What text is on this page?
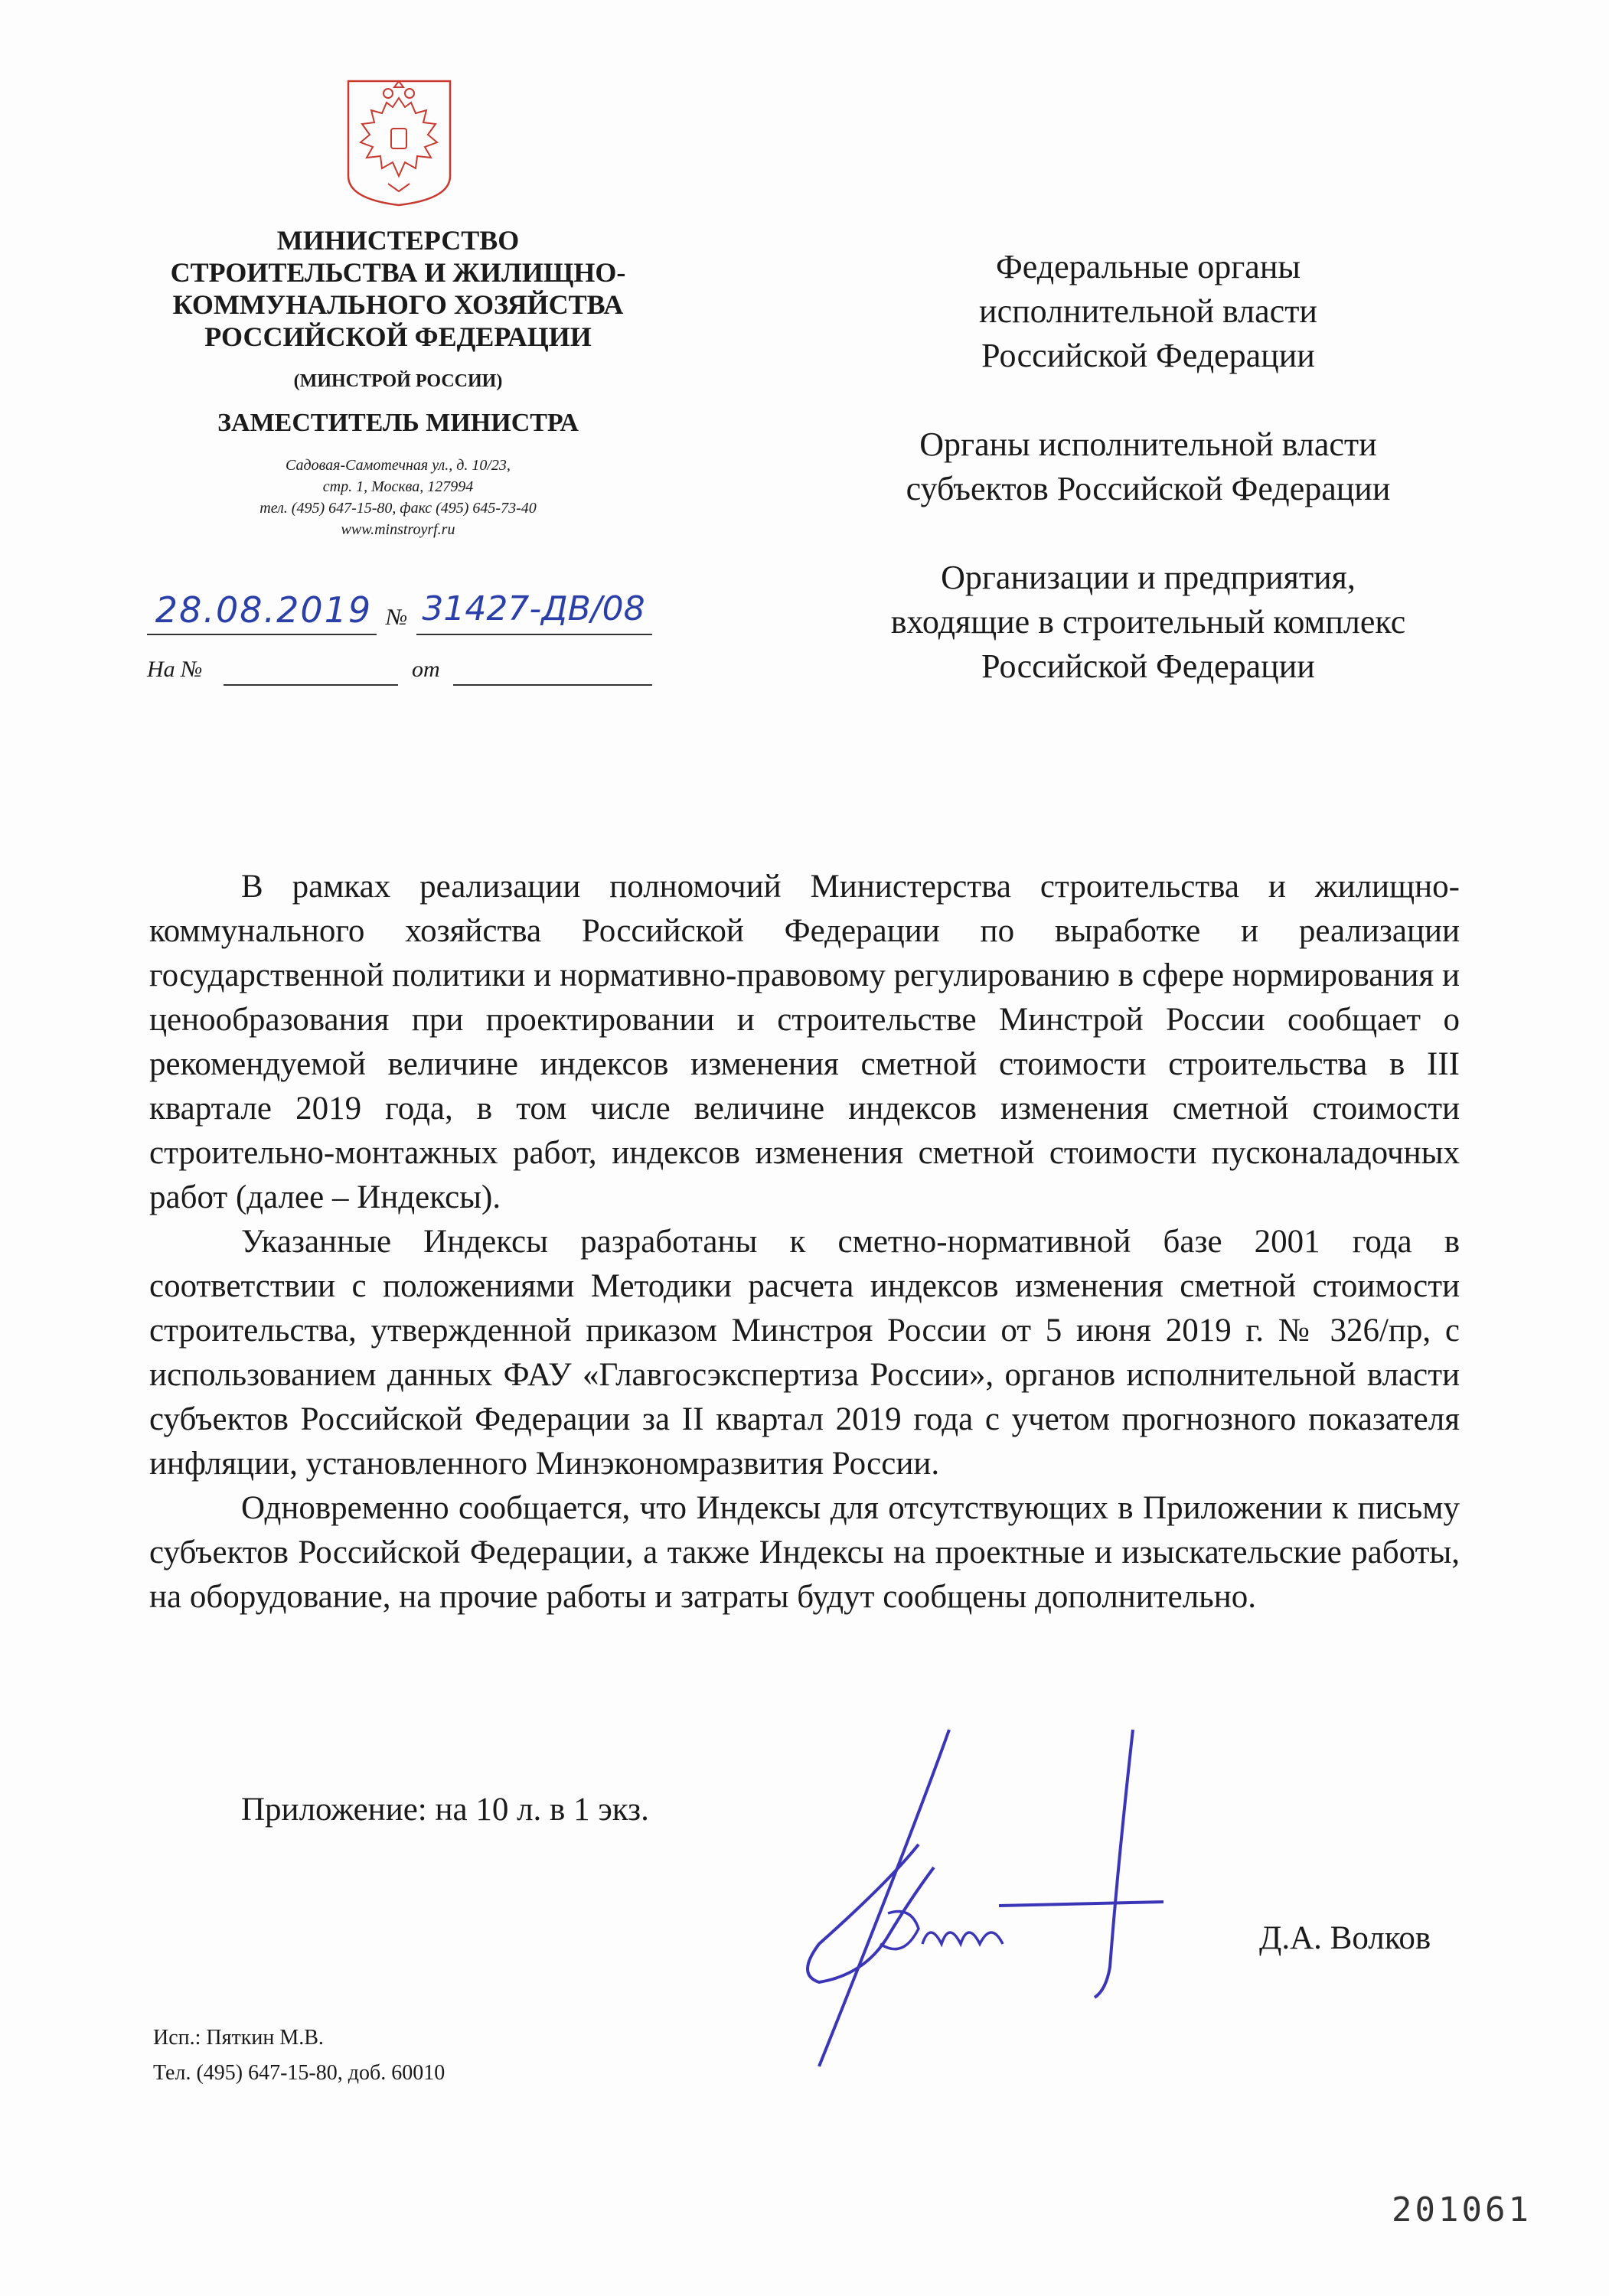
МИНИСТЕРСТВО

СТРОИТЕЛЬСТВА И ЖИЛИЩНО-

КОММУНАЛЬНОГО ХОЗЯЙСТВА

РОССИЙСКОЙ ФЕДЕРАЦИИ

(МИНСТРОЙ РОССИИ)
ЗАМЕСТИТЕЛЬ МИНИСТРА
Садовая-Самотечная ул., д. 10/23,
стр. 1, Москва, 127994
тел. (495) 647-15-80, факс (495) 645-73-40
www.minstroyrf.ru
28.08.2019 № 31427-ДВ/08
На №	от
Федеральные органы
исполнительной власти
Российской Федерации
Органы исполнительной власти
субъектов Российской Федерации
Организации и предприятия,
входящие в строительный комплекс
Российской Федерации

В рамках реализации полномочий Министерства строительства и жилищно-коммунального хозяйства Российской Федерации по выработке и реализации государственной политики и нормативно-правовому регулированию в сфере нормирования и ценообразования при проектировании и строительстве Минстрой России сообщает о рекомендуемой величине индексов изменения сметной стоимости строительства в III квартале 2019 года, в том числе величине индексов изменения сметной стоимости строительно-монтажных работ, индексов изменения сметной стоимости пусконаладочных работ (далее – Индексы).

Указанные Индексы разработаны к сметно-нормативной базе 2001 года в соответствии с положениями Методики расчета индексов изменения сметной стоимости строительства, утвержденной приказом Минстроя России от 5 июня 2019 г. № 326/пр, с использованием данных ФАУ «Главгосэкспертиза России», органов исполнительной власти субъектов Российской Федерации за II квартал 2019 года с учетом прогнозного показателя инфляции, установленного Минэкономразвития России.

Одновременно сообщается, что Индексы для отсутствующих в Приложении к письму субъектов Российской Федерации, а также Индексы на проектные и изыскательские работы, на оборудование, на прочие работы и затраты будут сообщены дополнительно.

Приложение: на 10 л. в 1 экз.
Д.А. Волков
Исп.: Пяткин М.В.
Тел. (495) 647-15-80, доб. 60010
201061
